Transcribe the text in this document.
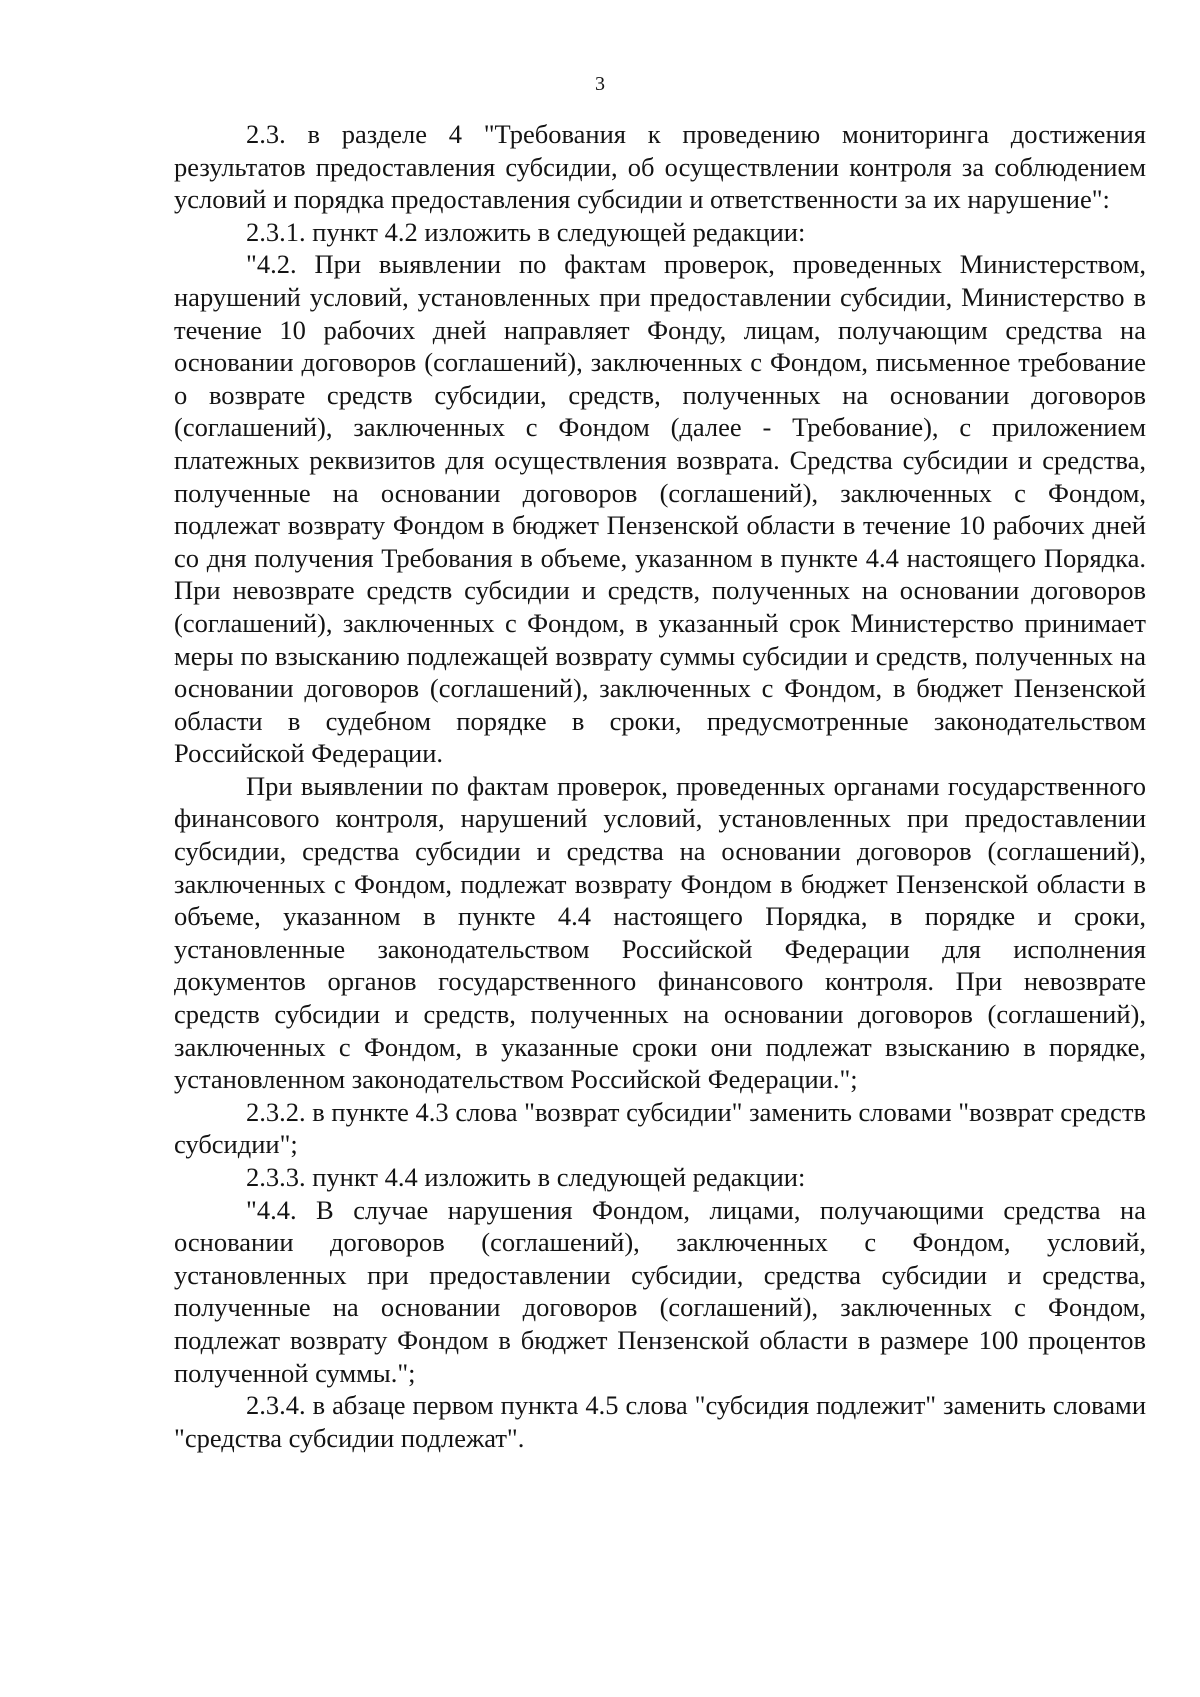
3

2.3. в разделе 4 "Требования к проведению мониторинга достижения результатов предоставления субсидии, об осуществлении контроля за соблюдением условий и порядка предоставления субсидии и ответственности за их нарушение":

2.3.1. пункт 4.2 изложить в следующей редакции:

"4.2. При выявлении по фактам проверок, проведенных Министерством, нарушений условий, установленных при предоставлении субсидии, Министерство в течение 10 рабочих дней направляет Фонду, лицам, получающим средства на основании договоров (соглашений), заключенных с Фондом, письменное требование о возврате средств субсидии, средств, полученных на основании договоров (соглашений), заключенных с Фондом (далее - Требование), с приложением платежных реквизитов для осуществления возврата. Средства субсидии и средства, полученные на основании договоров (соглашений), заключенных с Фондом, подлежат возврату Фондом в бюджет Пензенской области в течение 10 рабочих дней со дня получения Требования в объеме, указанном в пункте 4.4 настоящего Порядка. При невозврате средств субсидии и средств, полученных на основании договоров (соглашений), заключенных с Фондом, в указанный срок Министерство принимает меры по взысканию подлежащей возврату суммы субсидии и средств, полученных на основании договоров (соглашений), заключенных с Фондом, в бюджет Пензенской области в судебном порядке в сроки, предусмотренные законодательством Российской Федерации.

При выявлении по фактам проверок, проведенных органами государственного финансового контроля, нарушений условий, установленных при предоставлении субсидии, средства субсидии и средства на основании договоров (соглашений), заключенных с Фондом, подлежат возврату Фондом в бюджет Пензенской области в объеме, указанном в пункте 4.4 настоящего Порядка, в порядке и сроки, установленные законодательством Российской Федерации для исполнения документов органов государственного финансового контроля. При невозврате средств субсидии и средств, полученных на основании договоров (соглашений), заключенных с Фондом, в указанные сроки они подлежат взысканию в порядке, установленном законодательством Российской Федерации.";

2.3.2. в пункте 4.3 слова "возврат субсидии" заменить словами "возврат средств субсидии";

2.3.3. пункт 4.4 изложить в следующей редакции:

"4.4. В случае нарушения Фондом, лицами, получающими средства на основании договоров (соглашений), заключенных с Фондом, условий, установленных при предоставлении субсидии, средства субсидии и средства, полученные на основании договоров (соглашений), заключенных с Фондом, подлежат возврату Фондом в бюджет Пензенской области в размере 100 процентов полученной суммы.";

2.3.4. в абзаце первом пункта 4.5 слова "субсидия подлежит" заменить словами "средства субсидии подлежат".
